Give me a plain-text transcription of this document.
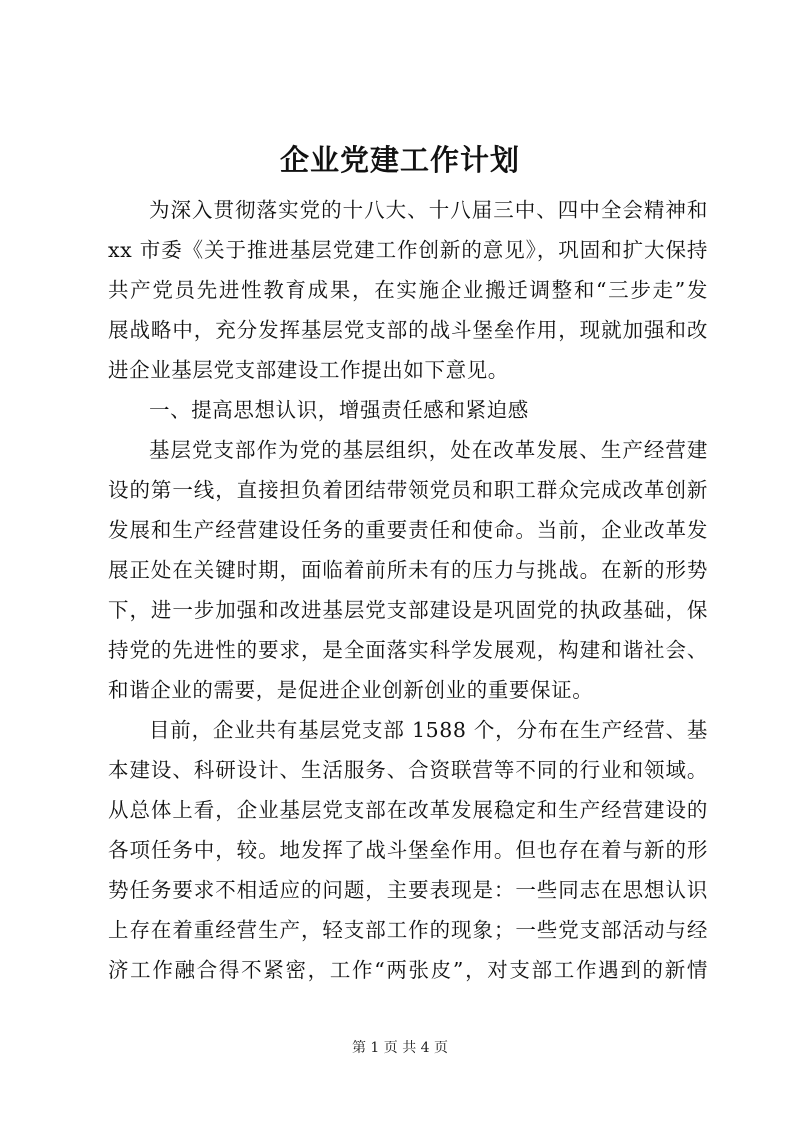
企业党建工作计划
为深入贯彻落实党的十八大、十八届三中、四中全会精神和
xx 市委《关于推进基层党建工作创新的意见》，巩固和扩大保持
共产党员先进性教育成果，在实施企业搬迁调整和“三步走”发
展战略中，充分发挥基层党支部的战斗堡垒作用，现就加强和改
进企业基层党支部建设工作提出如下意见。
一、提高思想认识，增强责任感和紧迫感
基层党支部作为党的基层组织，处在改革发展、生产经营建
设的第一线，直接担负着团结带领党员和职工群众完成改革创新
发展和生产经营建设任务的重要责任和使命。当前，企业改革发
展正处在关键时期，面临着前所未有的压力与挑战。在新的形势
下，进一步加强和改进基层党支部建设是巩固党的执政基础，保
持党的先进性的要求，是全面落实科学发展观，构建和谐社会、
和谐企业的需要，是促进企业创新创业的重要保证。
目前，企业共有基层党支部 1588 个，分布在生产经营、基
本建设、科研设计、生活服务、合资联营等不同的行业和领域。
从总体上看，企业基层党支部在改革发展稳定和生产经营建设的
各项任务中，较。地发挥了战斗堡垒作用。但也存在着与新的形
势任务要求不相适应的问题，主要表现是：一些同志在思想认识
上存在着重经营生产，轻支部工作的现象；一些党支部活动与经
济工作融合得不紧密，工作“两张皮”，对支部工作遇到的新情
第 1 页 共 4 页
